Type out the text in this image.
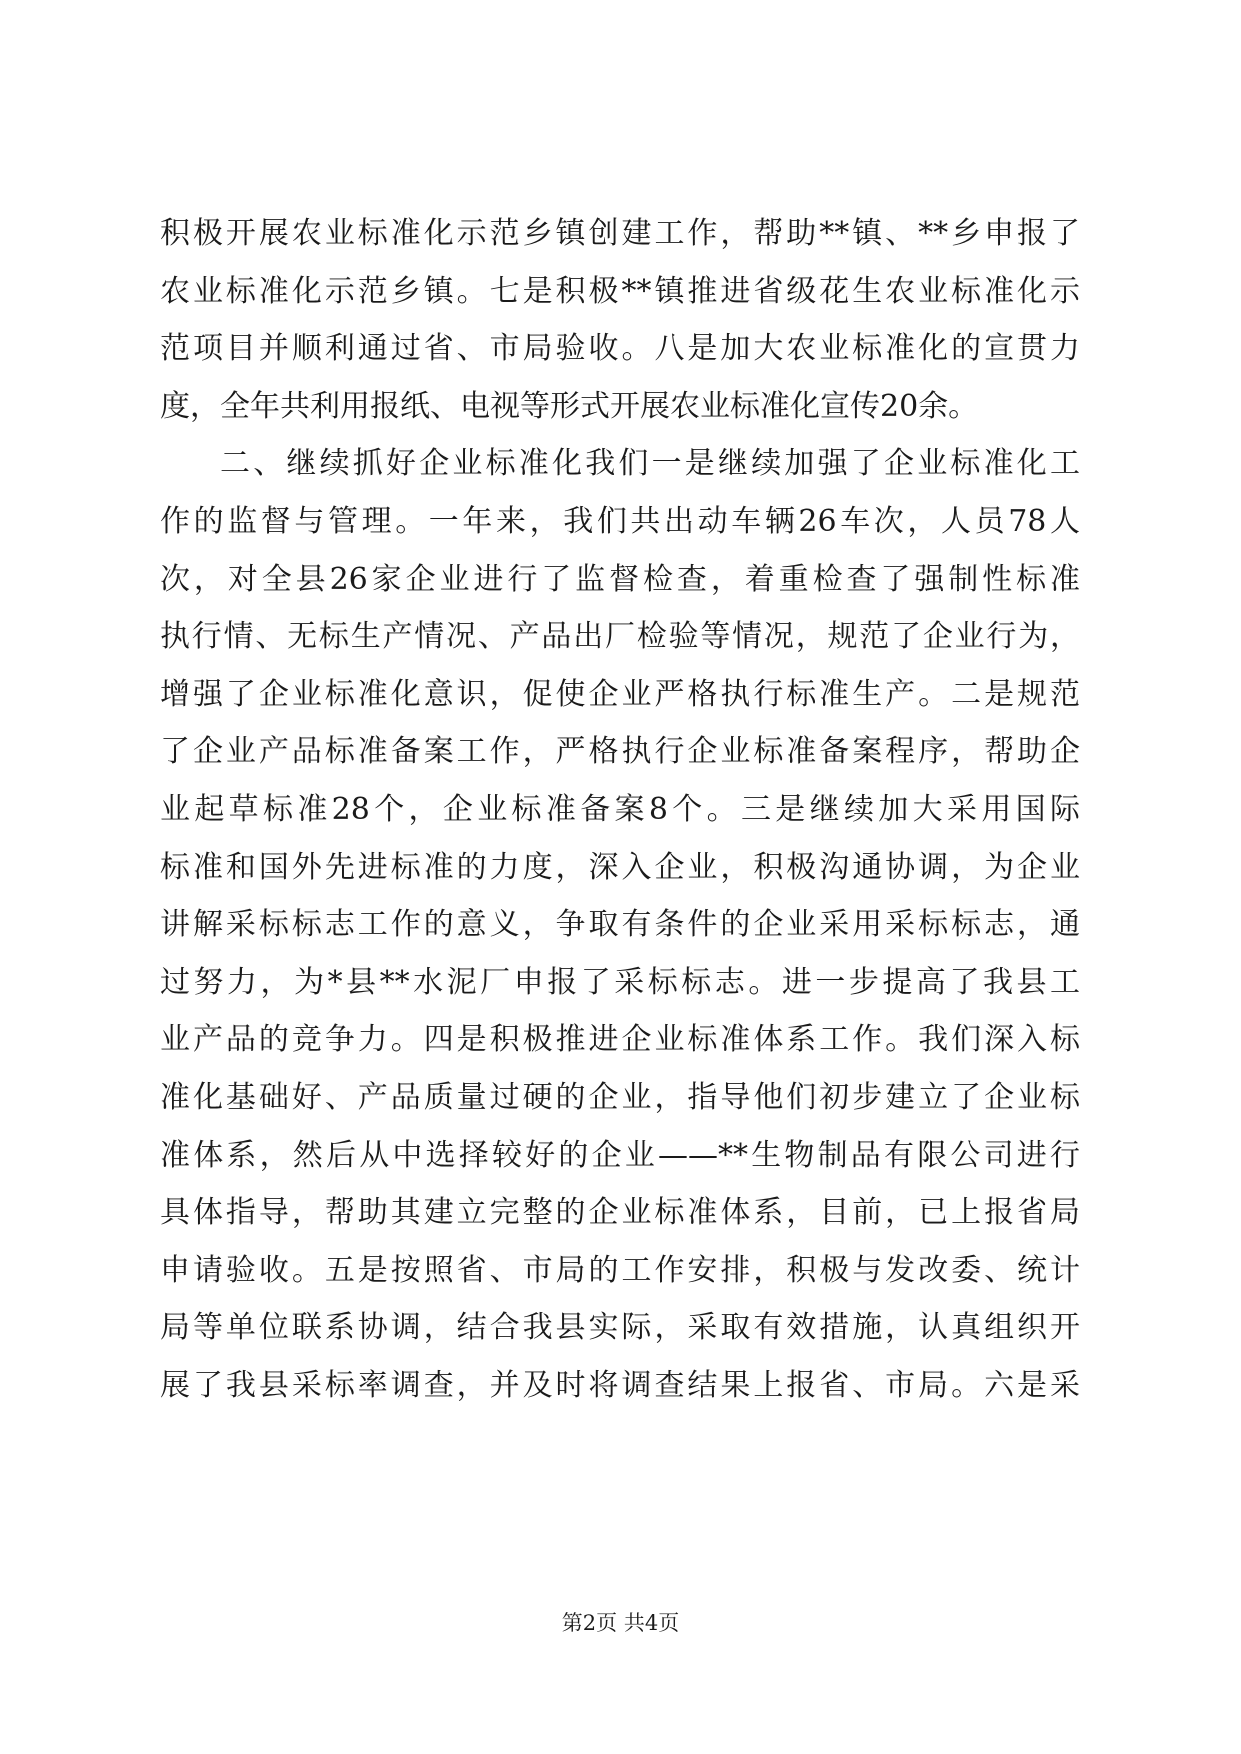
积极开展农业标准化示范乡镇创建工作，帮助**镇、**乡申报了
农业标准化示范乡镇。七是积极**镇推进省级花生农业标准化示
范项目并顺利通过省、市局验收。八是加大农业标准化的宣贯力
度，全年共利用报纸、电视等形式开展农业标准化宣传20余。
二、继续抓好企业标准化我们一是继续加强了企业标准化工
作的监督与管理。一年来，我们共出动车辆26车次，人员78人
次，对全县26家企业进行了监督检查，着重检查了强制性标准
执行情、无标生产情况、产品出厂检验等情况，规范了企业行为，
增强了企业标准化意识，促使企业严格执行标准生产。二是规范
了企业产品标准备案工作，严格执行企业标准备案程序，帮助企
业起草标准28个，企业标准备案8个。三是继续加大采用国际
标准和国外先进标准的力度，深入企业，积极沟通协调，为企业
讲解采标标志工作的意义，争取有条件的企业采用采标标志，通
过努力，为*县**水泥厂申报了采标标志。进一步提高了我县工
业产品的竞争力。四是积极推进企业标准体系工作。我们深入标
准化基础好、产品质量过硬的企业，指导他们初步建立了企业标
准体系，然后从中选择较好的企业——**生物制品有限公司进行
具体指导，帮助其建立完整的企业标准体系，目前，已上报省局
申请验收。五是按照省、市局的工作安排，积极与发改委、统计
局等单位联系协调，结合我县实际，采取有效措施，认真组织开
展了我县采标率调查，并及时将调查结果上报省、市局。六是采
第2页 共4页
